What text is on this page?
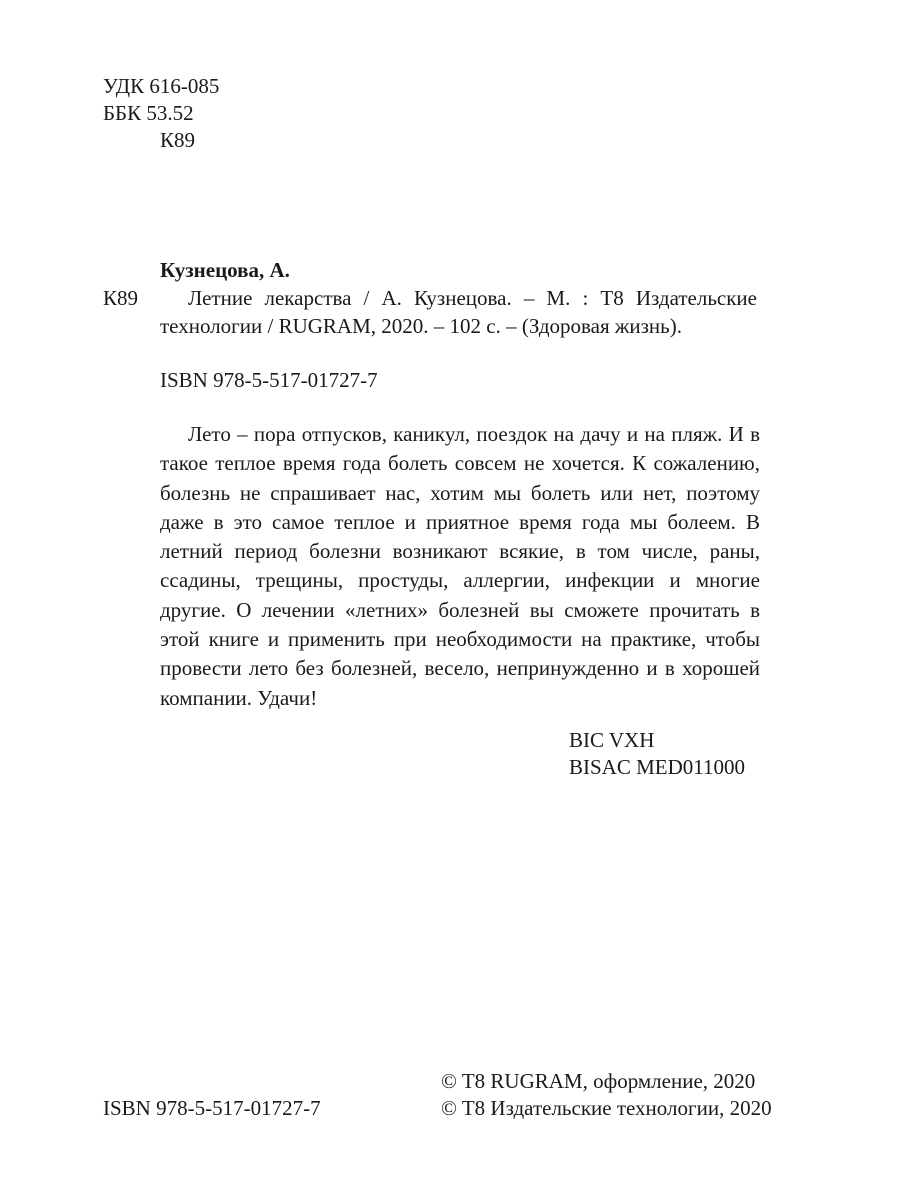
УДК 616-085
ББК 53.52
К89
Кузнецова, А.
К89	Летние лекарства / А. Кузнецова. – М. : T8 Издательские технологии / RUGRAM, 2020. – 102 с. – (Здоровая жизнь).
ISBN 978-5-517-01727-7
Лето – пора отпусков, каникул, поездок на дачу и на пляж. И в такое теплое время года болеть совсем не хочется. К сожалению, болезнь не спрашивает нас, хотим мы болеть или нет, поэтому даже в это самое теплое и приятное время года мы болеем. В летний период болезни возникают всякие, в том числе, раны, ссадины, трещины, простуды, аллергии, инфекции и многие другие. О лечении «летних» болезней вы сможете прочитать в этой книге и применить при необходимости на практике, чтобы провести лето без болезней, весело, непринужденно и в хорошей компании. Удачи!
BIC VXH
BISAC MED011000
© T8 RUGRAM, оформление, 2020
ISBN 978-5-517-01727-7	© T8 Издательские технологии, 2020
